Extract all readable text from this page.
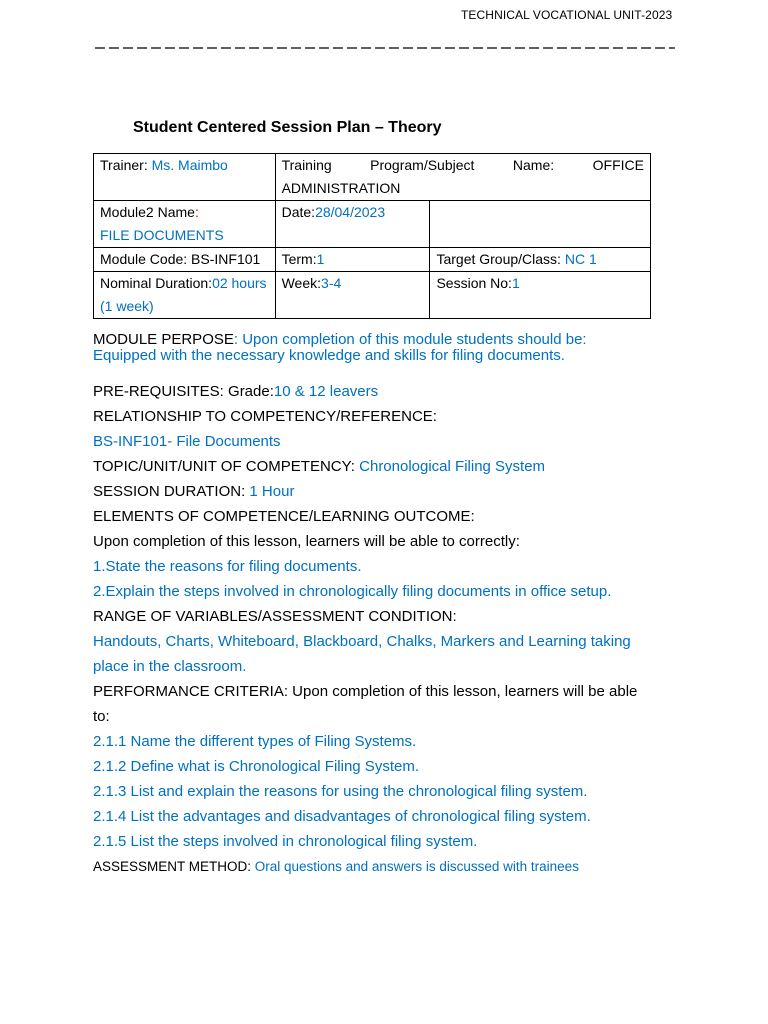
TECHNICAL VOCATIONAL UNIT-2023
Student Centered Session Plan – Theory
Trainer: Ms. Maimbo	Training Program/Subject Name: OFFICE
ADMINISTRATION	

Module2 Name:
FILE DOCUMENTS	Date:28/04/2023	
Module Code: BS-INF101	Term:1	Target Group/Class: NC 1

Nominal Duration:02 hours
(1 week)	Week:3-4	Session No:1
MODULE PERPOSE: Upon completion of this module students should be:
Equipped with the necessary knowledge and skills for filing documents.
PRE-REQUISITES: Grade:10 & 12 leavers
RELATIONSHIP TO COMPETENCY/REFERENCE:
BS-INF101- File Documents
TOPIC/UNIT/UNIT OF COMPETENCY: Chronological Filing System
SESSION DURATION: 1 Hour
ELEMENTS OF COMPETENCE/LEARNING OUTCOME:
Upon completion of this lesson, learners will be able to correctly:
1.State the reasons for filing documents.
2.Explain the steps involved in chronologically filing documents in office setup.
RANGE OF VARIABLES/ASSESSMENT CONDITION:
Handouts, Charts, Whiteboard, Blackboard, Chalks, Markers and Learning taking
place in the classroom.
PERFORMANCE CRITERIA: Upon completion of this lesson, learners will be able
to:
2.1.1 Name the different types of Filing Systems.
2.1.2 Define what is Chronological Filing System.
2.1.3 List and explain the reasons for using the chronological filing system.
2.1.4 List the advantages and disadvantages of chronological filing system.
2.1.5 List the steps involved in chronological filing system.
ASSESSMENT METHOD: Oral questions and answers is discussed with trainees
